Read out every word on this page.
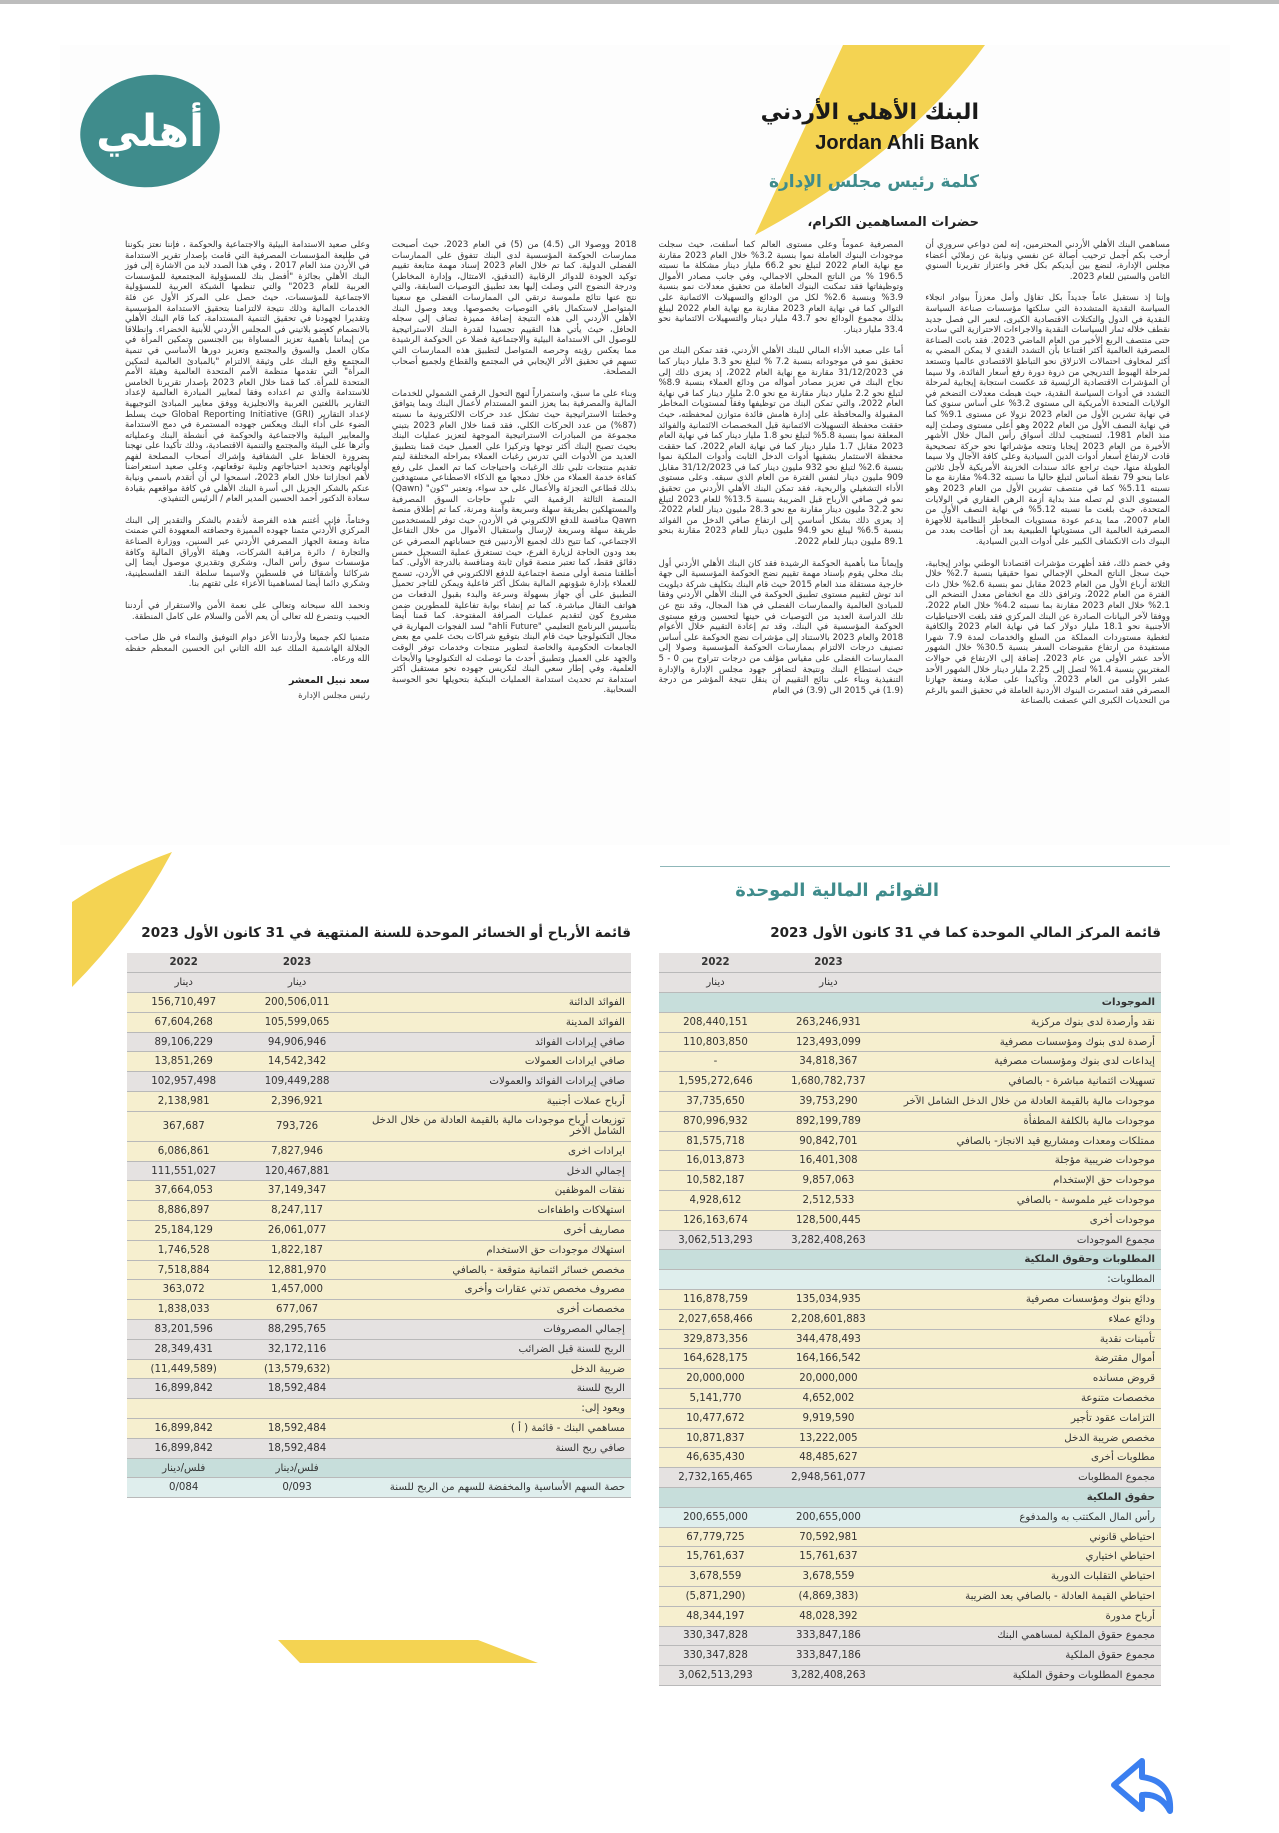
أهلي	البنك الأهلي الأردني
Jordan Ahli Bank
كلمة رئيس مجلس الإدارة
حضرات المساهمين الكرام،

مساهمي البنك الأهلي الأردني المحترمين، إنه لمن دواعي سروري أن أرحب بكم أجمل ترحيب أصالة عن نفسي ونيابة عن زملائي أعضاء مجلس الإدارة، لنضع بين أيديكم بكل فخر واعتزاز تقريرنا السنوي الثامن والستين للعام 2023.

وإننا إذ نستقبل عاماً جديداً بكل تفاؤل وأمل معززاً ببوادر انجلاء السياسة النقدية المتشددة التي سلكتها مؤسسات صناعة السياسة النقدية في الدول والتكتلات الاقتصادية الكبرى، لنعبر الى فصل جديد نقطف خلاله ثمار السياسات النقدية والاجراءات الاحترازية التي سادت حتى منتصف الربع الأخير من العام الماضي 2023. فقد باتت الصناعة المصرفية العالمية أكثر اقتناعا بأن التشدد النقدي لا يمكن المضي به أكثر لمخاوف احتمالات الانزلاق نحو التباطؤ الاقتصادي عالميا وتستعد لمرحلة الهبوط التدريجي من ذروة دورة رفع أسعار الفائدة، ولا سيما أن المؤشرات الاقتصادية الرئيسية قد عكست استجابة إيجابية لمرحلة التشدد في أدوات السياسة النقدية، حيث هبطت معدلات التضخم في الولايات المتحدة الأمريكية الى مستوى 3.2% على أساس سنوي كما في نهاية تشرين الأول من العام 2023 نزولا عن مستوى 9.1% كما في نهاية النصف الأول من العام 2022 وهو أعلى مستوى وصلت إليه منذ العام 1981، لتستجيب لذلك أسواق رأس المال خلال الأشهر الأخيرة من العام 2023 إيجابا وتتجه مؤشراتها نحو حركة تصحيحية قادت لارتفاع أسعار أدوات الدين السيادية وعلى كافة الآجال ولا سيما الطويلة منها، حيث تراجع عائد سندات الخزينة الأمريكية لأجل ثلاثين عاما بنحو 79 نقطة أساس لتبلغ حاليا ما نسبته 4.32% مقارنة مع ما نسبته 5.11% كما في منتصف تشرين الأول من العام 2023 وهو المستوى الذي لم تصله منذ بداية أزمة الرهن العقاري في الولايات المتحدة، حيث بلغت ما نسبته 5.12% في نهاية النصف الأول من العام 2007، مما يدعم عودة مستويات المخاطر النظامية للأجهزة المصرفية العالمية الى مستوياتها الطبيعية بعد أن أطاحت بعدد من البنوك ذات الانكشاف الكبير على أدوات الدين السيادية.

وفي خضم ذلك، فقد أظهرت مؤشرات اقتصادنا الوطني بوادر إيجابية، حيث سجل الناتج المحلي الإجمالي نموا حقيقيا بنسبة 2.7% خلال الثلاثة أرباع الأول من العام 2023 مقابل نمو بنسبة 2.6% خلال ذات الفترة من العام 2022، وترافق ذلك مع انخفاض معدل التضخم الى 2.1% خلال العام 2023 مقارنة بما نسبته 4.2% خلال العام 2022، ووفقا لآخر البيانات الصادرة عن البنك المركزي فقد بلغت الاحتياطيات الأجنبية نحو 18.1 مليار دولار كما في نهاية العام 2023 والكافية لتغطية مستوردات المملكة من السلع والخدمات لمدة 7.9 شهرا مستفيدة من ارتفاع مقبوضات السفر بنسبة 30.5% خلال الشهور الأحد عشر الأولى من عام 2023، إضافة إلى الارتفاع في حوالات المغتربين بنسبة 1.4% لتصل إلى 2.25 مليار دينار خلال الشهور الأحد عشر الأولى من العام 2023. وتأكيدا على صلابة ومنعة جهازنا المصرفي فقد استمرت البنوك الأردنية العاملة في تحقيق النمو بالرغم من التحديات الكبرى التي عصفت بالصناعة

المصرفية عموماً وعلى مستوى العالم كما أسلفت، حيث سجلت موجودات البنوك العاملة نموا بنسبة 3.2% خلال العام 2023 مقارنة مع نهاية العام 2022 لتبلغ نحو 66.2 مليار دينار مشكلة ما نسبته 196.5 % من الناتج المحلي الاجمالي، وفي جانب مصادر الأموال وتوظيفاتها فقد تمكنت البنوك العاملة من تحقيق معدلات نمو بنسبة 3.9% وبنسبة 2.6% لكل من الودائع والتسهيلات الائتمانية على التوالي كما في نهاية العام 2023 مقارنة مع نهاية العام 2022 ليبلغ بذلك مجموع الودائع نحو 43.7 مليار دينار والتسهيلات الائتمانية نحو 33.4 مليار دينار.

أما على صعيد الأداء المالي للبنك الأهلي الأردني، فقد تمكن البنك من تحقيق نمو في موجوداته بنسبة 7.2 % لتبلغ نحو 3.3 مليار دينار كما في 31/12/2023 مقارنة مع نهاية العام 2022، إذ يعزى ذلك إلى نجاح البنك في تعزيز مصادر أمواله من ودائع العملاء بنسبة 8.9% لتبلغ نحو 2.2 مليار دينار مقارنة مع نحو 2.0 مليار دينار كما في نهاية العام 2022، والتي تمكن البنك من توظيفها وفقاً لمستويات المخاطر المقبولة والمحافظة على إدارة هامش فائدة متوازن لمحفظته، حيث حققت محفظة التسهيلات الائتمانية قبل المخصصات الائتمانية والفوائد المعلقة نموا بنسبة 5.8% لتبلغ نحو 1.8 مليار دينار كما في نهاية العام 2023 مقابل 1.7 مليار دينار كما في نهاية العام 2022، كما حققت محفظة الاستثمار بشقيها أدوات الدخل الثابت وأدوات الملكية نموا بنسبة 2.6% لتبلغ نحو 932 مليون دينار كما في 31/12/2023 مقابل 909 مليون دينار لنفس الفترة من العام الذي سبقه. وعلى مستوى الأداء التشغيلي والربحية، فقد تمكن البنك الأهلي الأردني من تحقيق نمو في صافي الأرباح قبل الضريبة بنسبة 13.5% للعام 2023 لتبلغ نحو 32.2 مليون دينار مقارنة مع نحو 28.3 مليون دينار للعام 2022، إذ يعزى ذلك بشكل أساسي إلى ارتفاع صافي الدخل من الفوائد بنسبة 6.5% ليبلغ نحو 94.9 مليون دينار للعام 2023 مقارنة بنحو 89.1 مليون دينار للعام 2022.

وإيماناً منا بأهمية الحوكمة الرشيدة فقد كان البنك الأهلي الأردني أول بنك محلي يقوم بإسناد مهمة تقييم نضج الحوكمة المؤسسية الى جهة خارجية مستقلة منذ العام 2015 حيث قام البنك بتكليف شركة ديلويت اند توش لتقييم مستوى تطبيق الحوكمة في البنك الأهلي الأردني وفقا للمبادئ العالمية والممارسات الفضلى في هذا المجال، وقد نتج عن تلك الدراسة العديد من التوصيات في حينها لتحسين ورفع مستوى الحوكمة المؤسسية في البنك، وقد تم إعادة التقييم خلال الأعوام 2018 والعام 2023 بالاستناد إلى مؤشرات نضج الحوكمة على أساس تصنيف درجات الالتزام بممارسات الحوكمة المؤسسية وصولا إلى الممارسات الفضلى على مقياس مؤلف من درجات تتراوح بين 0 - 5 حيث استطاع البنك ونتيجة لتضافر جهود مجلس الإدارة والإدارة التنفيذية وبناء على نتائج التقييم أن ينقل نتيجة المؤشر من درجة (1.9) في 2015 الى (3.9) في العام

2018 ووصولا الى (4.5) من (5) في العام 2023، حيث أصبحت ممارسات الحوكمة المؤسسية لدى البنك تتفوق على الممارسات الفضلى الدولية. كما تم خلال العام 2023 إسناد مهمة متابعة تقييم توكيد الجودة للدوائر الرقابية (التدقيق، الامتثال، وإدارة المخاطر) ودرجة النضوج التي وصلت إليها بعد تطبيق التوصيات السابقة، والتي نتج عنها نتائج ملموسة ترتقي الى الممارسات الفضلى مع سعينا المتواصل لاستكمال باقي التوصيات بخصوصها. ويعد وصول البنك الأهلي الأردني الى هذه النتيجة إضافة مميزة تضاف إلى سجله الحافل، حيث يأتي هذا التقييم تجسيدا لقدرة البنك الاستراتيجية للوصول الى الاستدامة البيئية والاجتماعية فضلا عن الحوكمة الرشيدة مما يعكس رؤيته وحرصه المتواصل لتطبيق هذه الممارسات التي تسهم في تحقيق الأثر الإيجابي في المجتمع والقطاع ولجميع أصحاب المصلحة.

وبناء على ما سبق، واستمراراً لنهج التحول الرقمي الشمولي للخدمات المالية والمصرفية بما يعزز النمو المستدام لأعمال البنك وبما يتوافق وخطتنا الاستراتيجية حيث تشكل عدد حركات الالكترونية ما نسبته (87%) من عدد الحركات الكلي، فقد قمنا خلال العام 2023 بتبني مجموعة من المبادرات الاستراتيجية الموجهة لتعزيز عمليات البنك بحيث تصبح البنك أكثر توجها وتركيزا على العميل حيث قمنا بتطبيق العديد من الأدوات التي تدرس رغبات العملاء بمراحله المختلفة ليتم تقديم منتجات تلبي تلك الرغبات واحتياجات كما تم العمل على رفع كفاءة خدمة العملاء من خلال دمجها مع الذكاء الاصطناعي مستهدفين بذلك قطاعي التجزئة والأعمال على حد سواء، وتعتبر "كون" (Qawn) المنصة الثالثة الرقمية التي تلبي حاجات السوق المصرفية والمستهلكين بطريقة سهلة وسريعة وآمنة ومرنة، كما تم إطلاق منصة Qawn منافسة للدفع الالكتروني في الأردن، حيث توفر للمستخدمين طريقة سهلة وسريعة لإرسال واستقبال الأموال من خلال التفاعل الاجتماعي، كما تتيح ذلك لجميع الأردنيين فتح حساباتهم المصرفي عن بعد ودون الحاجة لزيارة الفرع، حيث تستغرق عملية التسجيل خمس دقائق فقط، كما تعتبر منصة قوان ثابتة ومنافسة بالدرجة الأولى. كما أطلقنا منصة أولى منصة اجتماعية للدفع الالكتروني في الأردن، تسمح للعملاء بإدارة شؤونهم المالية بشكل أكثر فاعلية ويمكن للتاجر تحميل التطبيق على أي جهاز بسهولة وسرعة والبدء بقبول الدفعات من هواتف النقال مباشرة. كما تم إنشاء بوابة تفاعلية للمطورين ضمن مشروع كون لتقديم عمليات الصرافة المفتوحة. كما قمنا أيضا بتأسيس البرنامج التعليمي "ahli Future" لسد الفجوات المهارية في مجال التكنولوجيا حيث قام البنك بتوقيع شراكات بحث علمي مع بعض الجامعات الحكومية والخاصة لتطوير منتجات وخدمات توفر الوقت والجهد على العميل وتطبيق أحدث ما توصلت له التكنولوجيا والأبحاث العلمية، وفي إطار سعي البنك لتكريس جهوده نحو مستقبل أكثر استدامة تم تحديث استدامة العمليات البنكية بتحويلها نحو الحوسبة السحابية.

وعلى صعيد الاستدامة البيئية والاجتماعية والحوكمة ، فإننا نعتز بكوننا في طليعة المؤسسات المصرفية التي قامت بإصدار تقرير الاستدامة في الأردن منذ العام 2017 ، وفي هذا الصدد لابد من الاشارة إلى فوز البنك الأهلي بجائزة "أفضل بنك للمسؤولية المجتمعية للمؤسسات العربية للعام 2023" والتي تنظمها الشبكة العربية للمسؤولية الاجتماعية للمؤسسات، حيث حصل على المركز الأول عن فئة الخدمات المالية وذلك نتيجة لالتزامنا بتحقيق الاستدامة المؤسسية وتقديرا لجهودنا في تحقيق التنمية المستدامة، كما قام البنك الأهلي بالانضمام كعضو بلاتيني في المجلس الأردني للأبنية الخضراء. وانطلاقا من إيماننا بأهمية تعزيز المساواة بين الجنسين وتمكين المرأة في مكان العمل والسوق والمجتمع وتعزيز دورها الأساسي في تنمية المجتمع وقع البنك على وثيقة الالتزام "بالمبادئ العالمية لتمكين المرأة" التي تقدمها منظمة الأمم المتحدة العالمية وهيئة الأمم المتحدة للمرأة. كما قمنا خلال العام 2023 بإصدار تقريرنا الخامس للاستدامة والذي تم اعداده وفقا لمعايير المبادرة العالمية لإعداد التقارير باللغتين العربية والانجليزية ووفق معايير المبادئ التوجيهية لإعداد التقارير Global Reporting Initiative (GRI) حيث يسلط الضوء على أداء البنك ويعكس جهوده المستمرة في دمج الاستدامة والمعايير البيئية والاجتماعية والحوكمة في أنشطة البنك وعملياته وأثرها على البيئة والمجتمع والتنمية الاقتصادية، وذلك تأكيدا على نهجنا بضرورة الحفاظ على الشفافية وإشراك أصحاب المصلحة لفهم أولوياتهم وتحديد احتياجاتهم وتلبية توقعاتهم، وعلى صعيد استعراضنا لأهم انجازاتنا خلال العام 2023، اسمحوا لي أن أتقدم باسمي ونيابة عنكم بالشكر الجزيل الى أسرة البنك الأهلي في كافة مواقعهم بقيادة سعادة الدكتور أحمد الحسين المدير العام / الرئيس التنفيذي.

وختاماً، فإني أغتنم هذه الفرصة لأتقدم بالشكر والتقدير إلى البنك المركزي الأردني متمنا جهوده المميزة وحصافته المعهودة التي ضمنت متانة ومنعة الجهاز المصرفي الأردني عبر السنين، ووزارة الصناعة والتجارة / دائرة مراقبة الشركات، وهيئة الأوراق المالية وكافة مؤسسات سوق رأس المال، وشكري وتقديري موصول أيضا إلى شركائنا وأشقائنا في فلسطين ولاسيما سلطة النقد الفلسطينية، وشكري دائما أيضا لمساهمينا الأعزاء على ثقتهم بنا.

ونحمد الله سبحانه وتعالى على نعمة الأمن والاستقرار في أردننا الحبيب ونتضرع لله تعالى أن يعم الأمن والسلام على كامل المنطقة.

متمنيا لكم جميعا ولأردننا الأعز دوام التوفيق والنماء في ظل صاحب الجلالة الهاشمية الملك عبد الله الثاني ابن الحسين المعظم حفظه الله ورعاه.

سعد نبيل المعشر
رئيس مجلس الإدارة
القوائم المالية الموحدة
قائمة المركز المالي الموحدة كما في 31 كانون الأول 2023
	2023	2022
	دينار	دينار
الموجودات		
نقد وأرصدة لدى بنوك مركزية	263,246,931	208,440,151
أرصدة لدى بنوك ومؤسسات مصرفية	123,493,099	110,803,850
إيداعات لدى بنوك ومؤسسات مصرفية	34,818,367	-
تسهيلات ائتمانية مباشرة - بالصافي	1,680,782,737	1,595,272,646
موجودات مالية بالقيمة العادلة من خلال الدخل الشامل الآخر	39,753,290	37,735,650
موجودات مالية بالكلفة المطفأة	892,199,789	870,996,932
ممتلكات ومعدات ومشاريع قيد الانجاز- بالصافي	90,842,701	81,575,718
موجودات ضريبية مؤجلة	16,401,308	16,013,873
موجودات حق الإستخدام	9,857,063	10,582,187
موجودات غير ملموسة - بالصافي	2,512,533	4,928,612
موجودات أخرى	128,500,445	126,163,674
مجموع الموجودات	3,282,408,263	3,062,513,293
المطلوبات وحقوق الملكية		
المطلوبات:		
ودائع بنوك ومؤسسات مصرفية	135,034,935	116,878,759
ودائع عملاء	2,208,601,883	2,027,658,466
تأمينات نقدية	344,478,493	329,873,356
أموال مقترضة	164,166,542	164,628,175
قروض مسانده	20,000,000	20,000,000
مخصصات متنوعة	4,652,002	5,141,770
التزامات عقود تأجير	9,919,590	10,477,672
مخصص ضريبة الدخل	13,222,005	10,871,837
مطلوبات أخرى	48,485,627	46,635,430
مجموع المطلوبات	2,948,561,077	2,732,165,465
حقوق الملكية		
رأس المال المكتتب به والمدفوع	200,655,000	200,655,000
احتياطي قانوني	70,592,981	67,779,725
احتياطي اختياري	15,761,637	15,761,637
احتياطي التقلبات الدورية	3,678,559	3,678,559
احتياطي القيمة العادلة - بالصافي بعد الضريبة	(4,869,383)	(5,871,290)
أرباح مدورة	48,028,392	48,344,197
مجموع حقوق الملكية لمساهمي البنك	333,847,186	330,347,828
مجموع حقوق الملكية	333,847,186	330,347,828
مجموع المطلوبات وحقوق الملكية	3,282,408,263	3,062,513,293
قائمة الأرباح أو الخسائر الموحدة للسنة المنتهية في 31 كانون الأول 2023
	2023	2022
	دينار	دينار
الفوائد الدائنة	200,506,011	156,710,497
الفوائد المدينة	105,599,065	67,604,268
صافي إيرادات الفوائد	94,906,946	89,106,229
صافي ايرادات العمولات	14,542,342	13,851,269
صافي إيرادات الفوائد والعمولات	109,449,288	102,957,498
أرباح عملات أجنبية	2,396,921	2,138,981
توزيعات أرباح موجودات مالية بالقيمة العادلة من خلال الدخل الشامل الآخر	793,726	367,687
ايرادات اخرى	7,827,946	6,086,861
إجمالي الدخل	120,467,881	111,551,027
نفقات الموظفين	37,149,347	37,664,053
استهلاكات واطفاءات	8,247,117	8,886,897
مصاريف أخرى	26,061,077	25,184,129
استهلاك موجودات حق الاستخدام	1,822,187	1,746,528
مخصص خسائر ائتمانية متوقعة - بالصافي	12,881,970	7,518,884
مصروف مخصص تدني عقارات وأخرى	1,457,000	363,072
مخصصات أخرى	677,067	1,838,033
إجمالي المصروفات	88,295,765	83,201,596
الربح للسنة قبل الضرائب	32,172,116	28,349,431
ضريبة الدخل	(13,579,632)	(11,449,589)
الربح للسنة	18,592,484	16,899,842
ويعود إلى:		
مساهمي البنك - قائمة ( أ )	18,592,484	16,899,842
صافي ربح السنة	18,592,484	16,899,842
	فلس/دينار	فلس/دينار
حصة السهم الأساسية والمخفضة للسهم من الربح للسنة	0/093	0/084
